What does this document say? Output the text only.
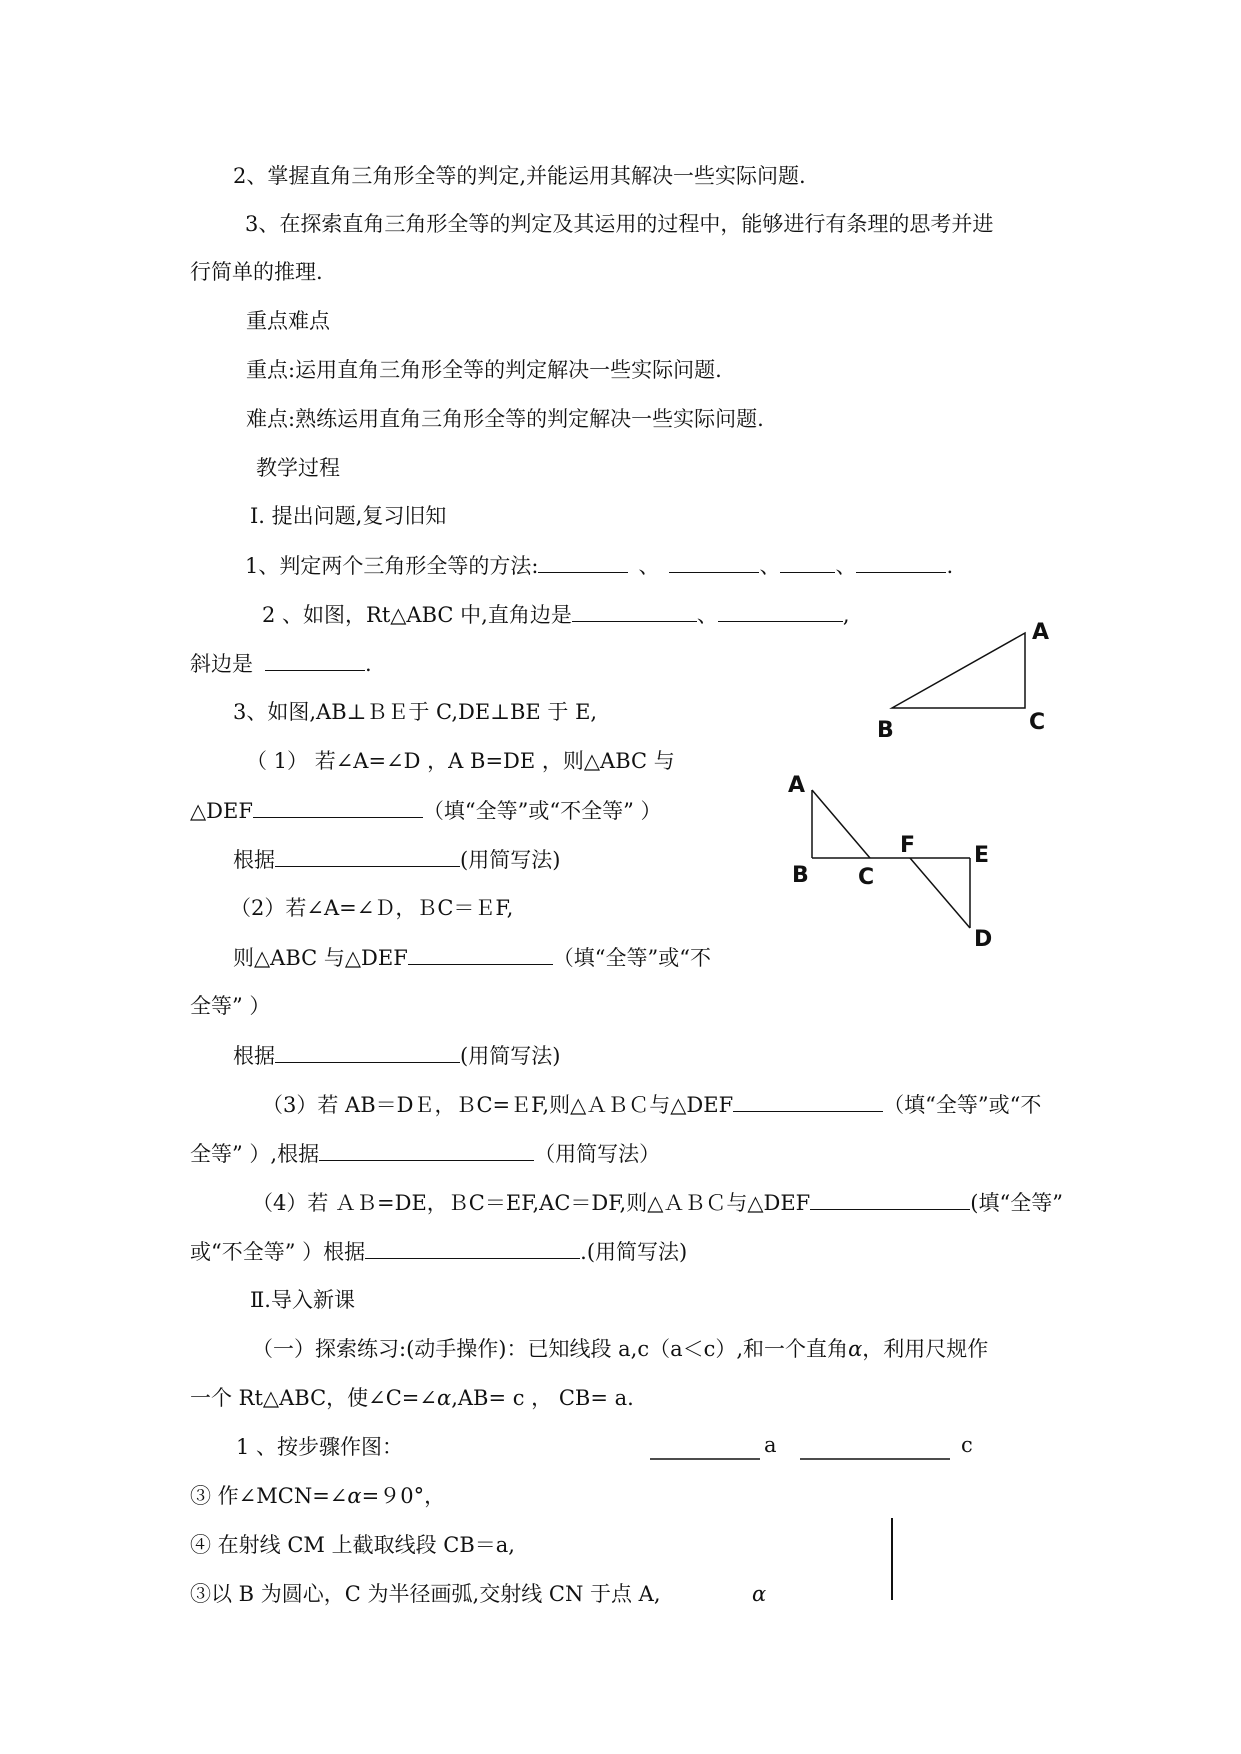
2、掌握直角三角形全等的判定,并能运用其解决一些实际问题.
3、在探索直角三角形全等的判定及其运用的过程中，能够进行有条理的思考并进
行简单的推理.
重点难点
重点:运用直角三角形全等的判定解决一些实际问题.
难点:熟练运用直角三角形全等的判定解决一些实际问题.
教学过程
Ⅰ. 提出问题,复习旧知
1、判定两个三角形全等的方法:	、	、	、	.
2 、如图，Rt△ABC 中,直角边是	、	,
斜边是	.
3、如图,AB⊥ＢＥ于 C,DE⊥BE 于 E,
（ 1） 若∠A=∠D ，A B=DE ，则△ABC 与
△DEF	（填“全等”或“不全等” ）
根据	(用简写法)
（2）若∠A=∠Ｄ，ＢC＝ＥF,
则△ABC 与△DEF	（填“全等”或“不
全等” ）
根据	(用简写法)
（3）若 AB＝DＥ，ＢC=ＥF,则△ＡＢＣ与△DEF	（填“全等”或“不
全等” ）,根据	（用简写法）
（4）若 ＡＢ=DE，ＢC＝EF,AC＝DF,则△ＡＢＣ与△DEF	(填“全等”
或“不全等” ）根据	.(用简写法)
Ⅱ.导入新课
（一）探索练习:(动手操作)：已知线段 a,c（a＜c）,和一个直角α，利用尺规作
一个 Rt△ABC，使∠C=∠α,AB= c ， CB= a.
1 、按步骤作图：	a	c
③ 作∠MCN=∠α=９0°，
④ 在射线 CM 上截取线段 CB＝a,
③以 B 为圆心，C 为半径画弧,交射线 CN 于点 A,	α
A
B	C
A
B C
F	E
D
